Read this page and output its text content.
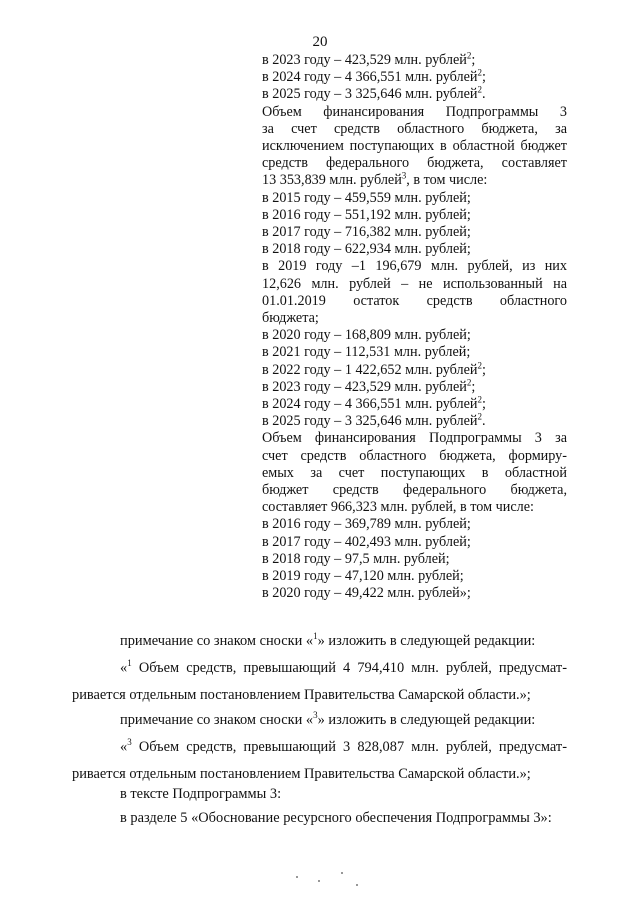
20
в 2023 году – 423,529 млн. рублей$^2$;
в 2024 году – 4 366,551 млн. рублей$^2$;
в 2025 году – 3 325,646 млн. рублей$^2$.
Объем финансирования Подпрограммы 3
за счет средств областного бюджета, за
исключением поступающих в областной бюджет
средств федерального бюджета, составляет
13 353,839 млн. рублей$^3$, в том числе:
в 2015 году – 459,559 млн. рублей;
в 2016 году – 551,192 млн. рублей;
в 2017 году – 716,382 млн. рублей;
в 2018 году – 622,934 млн. рублей;
в 2019 году –1 196,679 млн. рублей, из них
12,626 млн. рублей – не использованный на
01.01.2019 остаток средств областного
бюджета;
в 2020 году – 168,809 млн. рублей;
в 2021 году – 112,531 млн. рублей;
в 2022 году – 1 422,652 млн. рублей$^2$;
в 2023 году – 423,529 млн. рублей$^2$;
в 2024 году – 4 366,551 млн. рублей$^2$;
в 2025 году – 3 325,646 млн. рублей$^2$.
Объем финансирования Подпрограммы 3 за
счет средств областного бюджета, формиру-
емых за счет поступающих в областной
бюджет средств федерального бюджета,
составляет 966,323 млн. рублей, в том числе:
в 2016 году – 369,789 млн. рублей;
в 2017 году – 402,493 млн. рублей;
в 2018 году – 97,5 млн. рублей;
в 2019 году – 47,120 млн. рублей;
в 2020 году – 49,422 млн. рублей»;

примечание со знаком сноски «$^1$» изложить в следующей редакции:

«$^1$ Объем средств, превышающий 4 794,410 млн. рублей, предусмат-

ривается отдельным постановлением Правительства Самарской области.»;

примечание со знаком сноски «$^3$» изложить в следующей редакции:

«$^3$ Объем средств, превышающий 3 828,087 млн. рублей, предусмат-

ривается отдельным постановлением Правительства Самарской области.»;

в тексте Подпрограммы 3:

в разделе 5 «Обоснование ресурсного обеспечения Подпрограммы 3»:
